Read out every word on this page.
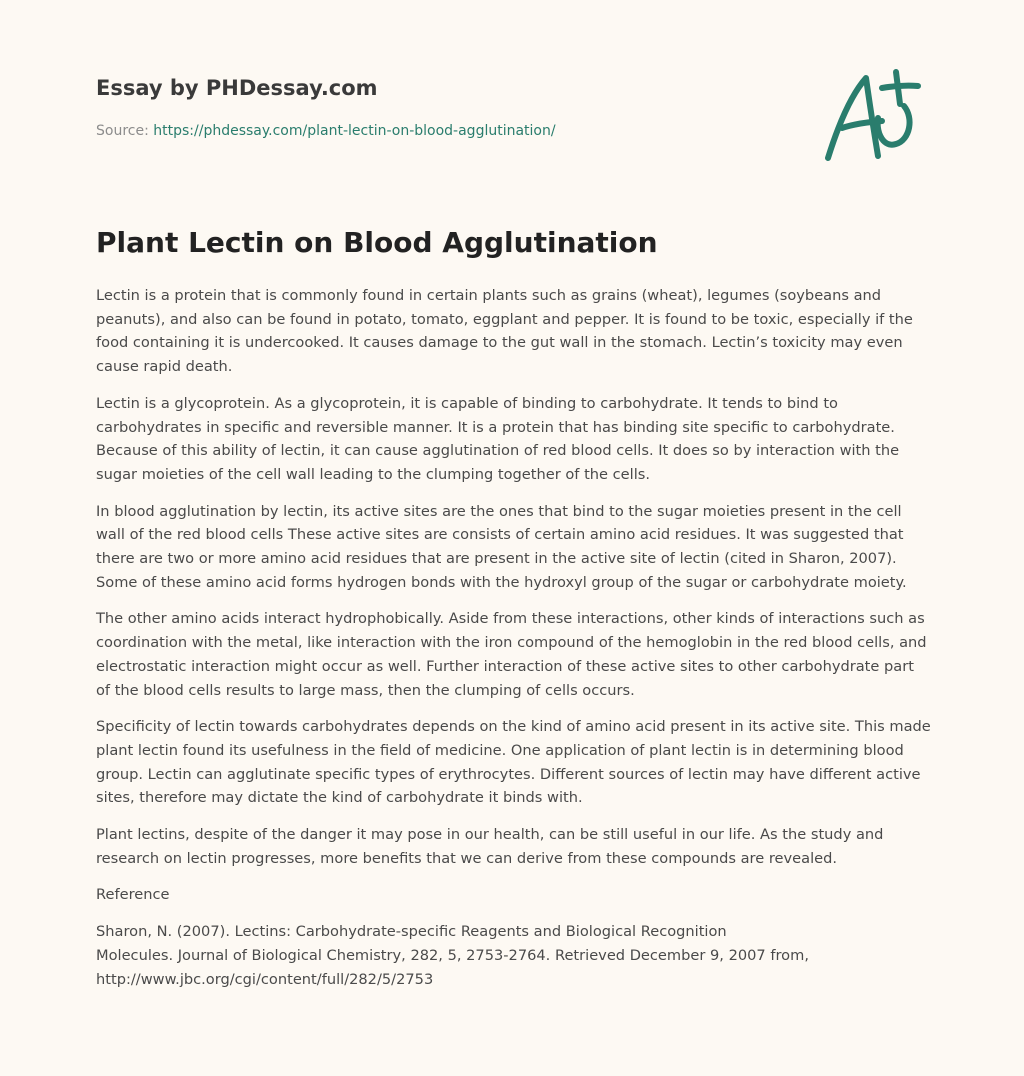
Essay by PHDessay.com
Source: https://phdessay.com/plant-lectin-on-blood-agglutination/
Plant Lectin on Blood Agglutination

Lectin is a protein that is commonly found in certain plants such as grains (wheat), legumes (soybeans and peanuts), and also can be found in potato, tomato, eggplant and pepper. It is found to be toxic, especially if the food containing it is undercooked. It causes damage to the gut wall in the stomach. Lectin’s toxicity may even cause rapid death.

Lectin is a glycoprotein. As a glycoprotein, it is capable of binding to carbohydrate. It tends to bind to carbohydrates in specific and reversible manner. It is a protein that has binding site specific to carbohydrate. Because of this ability of lectin, it can cause agglutination of red blood cells. It does so by interaction with the sugar moieties of the cell wall leading to the clumping together of the cells.

In blood agglutination by lectin, its active sites are the ones that bind to the sugar moieties present in the cell wall of the red blood cells These active sites are consists of certain amino acid residues. It was suggested that there are two or more amino acid residues that are present in the active site of lectin (cited in Sharon, 2007). Some of these amino acid forms hydrogen bonds with the hydroxyl group of the sugar or carbohydrate moiety.

The other amino acids interact hydrophobically. Aside from these interactions, other kinds of interactions such as coordination with the metal, like interaction with the iron compound of the hemoglobin in the red blood cells, and electrostatic interaction might occur as well. Further interaction of these active sites to other carbohydrate part of the blood cells results to large mass, then the clumping of cells occurs.

Specificity of lectin towards carbohydrates depends on the kind of amino acid present in its active site. This made plant lectin found its usefulness in the field of medicine. One application of plant lectin is in determining blood group. Lectin can agglutinate specific types of erythrocytes. Different sources of lectin may have different active sites, therefore may dictate the kind of carbohydrate it binds with.

Plant lectins, despite of the danger it may pose in our health, can be still useful in our life. As the study and research on lectin progresses, more benefits that we can derive from these compounds are revealed.

Reference

Sharon, N. (2007). Lectins: Carbohydrate-specific Reagents and Biological Recognition
Molecules. Journal of Biological Chemistry, 282, 5, 2753-2764. Retrieved December 9, 2007 from,
http://www.jbc.org/cgi/content/full/282/5/2753
